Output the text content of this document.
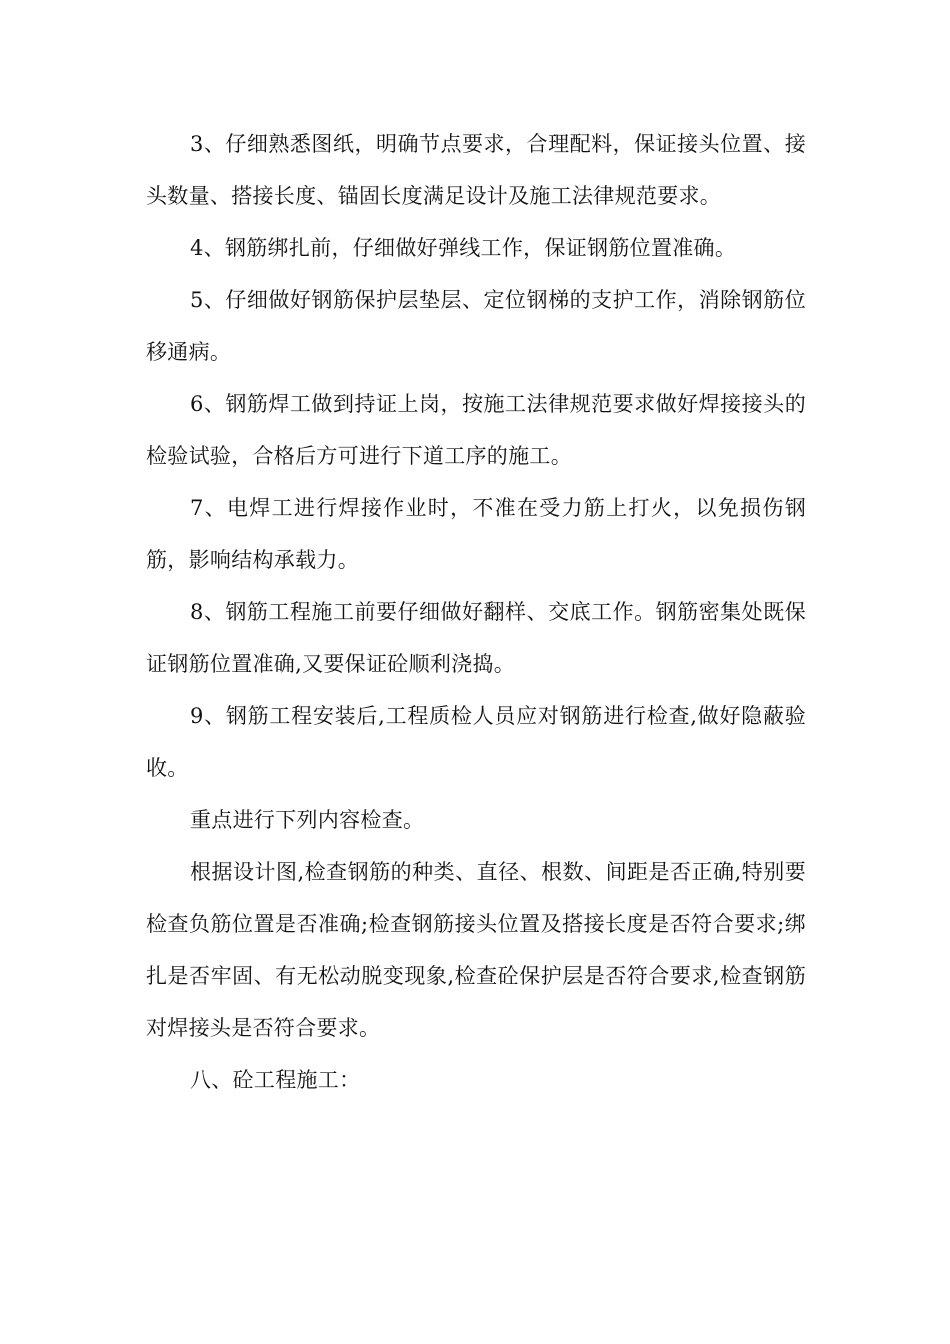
3、仔细熟悉图纸，明确节点要求，合理配料，保证接头位置、接头数量、搭接长度、锚固长度满足设计及施工法律规范要求。

4、钢筋绑扎前，仔细做好弹线工作，保证钢筋位置准确。

5、仔细做好钢筋保护层垫层、定位钢梯的支护工作，消除钢筋位移通病。

6、钢筋焊工做到持证上岗，按施工法律规范要求做好焊接接头的检验试验，合格后方可进行下道工序的施工。

7、电焊工进行焊接作业时，不准在受力筋上打火，以免损伤钢筋，影响结构承载力。

8、钢筋工程施工前要仔细做好翻样、交底工作。钢筋密集处既保证钢筋位置准确,又要保证砼顺利浇捣。

9、钢筋工程安装后,工程质检人员应对钢筋进行检查,做好隐蔽验收。

重点进行下列内容检查。

根据设计图,检查钢筋的种类、直径、根数、间距是否正确,特别要检查负筋位置是否准确;检查钢筋接头位置及搭接长度是否符合要求;绑扎是否牢固、有无松动脱变现象,检查砼保护层是否符合要求,检查钢筋对焊接头是否符合要求。

八、砼工程施工：
